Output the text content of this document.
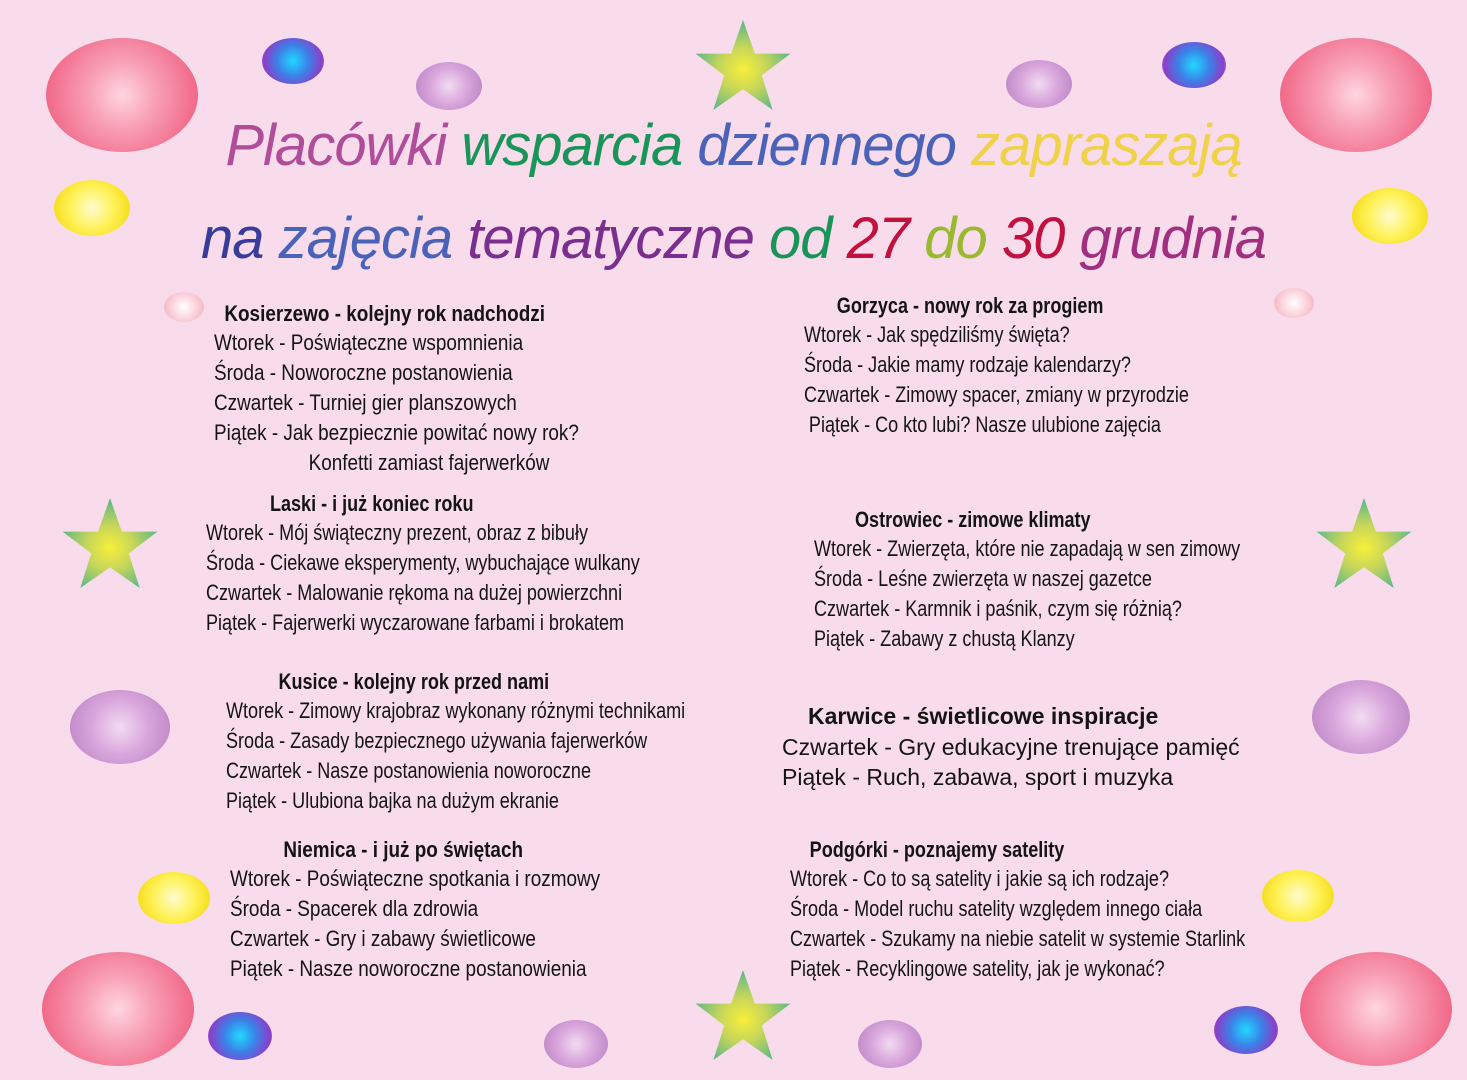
Placówki wsparcia dziennego zapraszają
na zajęcia tematyczne od 27 do 30 grudnia
Kosierzewo - kolejny rok nadchodzi
Wtorek - Poświąteczne wspomnienia
Środa - Noworoczne postanowienia
Czwartek - Turniej gier planszowych
Piątek - Jak bezpiecznie powitać nowy rok?
Konfetti zamiast fajerwerków
Gorzyca - nowy rok za progiem
Wtorek - Jak spędziliśmy święta?
Środa - Jakie mamy rodzaje kalendarzy?
Czwartek - Zimowy spacer, zmiany w przyrodzie
Piątek - Co kto lubi? Nasze ulubione zajęcia
Laski - i już koniec roku
Wtorek - Mój świąteczny prezent, obraz z bibuły
Środa - Ciekawe eksperymenty, wybuchające wulkany
Czwartek - Malowanie rękoma na dużej powierzchni
Piątek - Fajerwerki wyczarowane farbami i brokatem
Ostrowiec - zimowe klimaty
Wtorek - Zwierzęta, które nie zapadają w sen zimowy
Środa - Leśne zwierzęta w naszej gazetce
Czwartek - Karmnik i paśnik, czym się różnią?
Piątek - Zabawy z chustą Klanzy
Kusice - kolejny rok przed nami
Wtorek - Zimowy krajobraz wykonany różnymi technikami
Środa - Zasady bezpiecznego używania fajerwerków
Czwartek - Nasze postanowienia noworoczne
Piątek - Ulubiona bajka na dużym ekranie
Karwice - świetlicowe inspiracje
Czwartek - Gry edukacyjne trenujące pamięć
Piątek - Ruch, zabawa, sport i muzyka
Niemica - i już po świętach
Wtorek - Poświąteczne spotkania i rozmowy
Środa - Spacerek dla zdrowia
Czwartek - Gry i zabawy świetlicowe
Piątek - Nasze noworoczne postanowienia
Podgórki - poznajemy satelity
Wtorek - Co to są satelity i jakie są ich rodzaje?
Środa - Model ruchu satelity względem innego ciała
Czwartek - Szukamy na niebie satelit w systemie Starlink
Piątek - Recyklingowe satelity, jak je wykonać?
